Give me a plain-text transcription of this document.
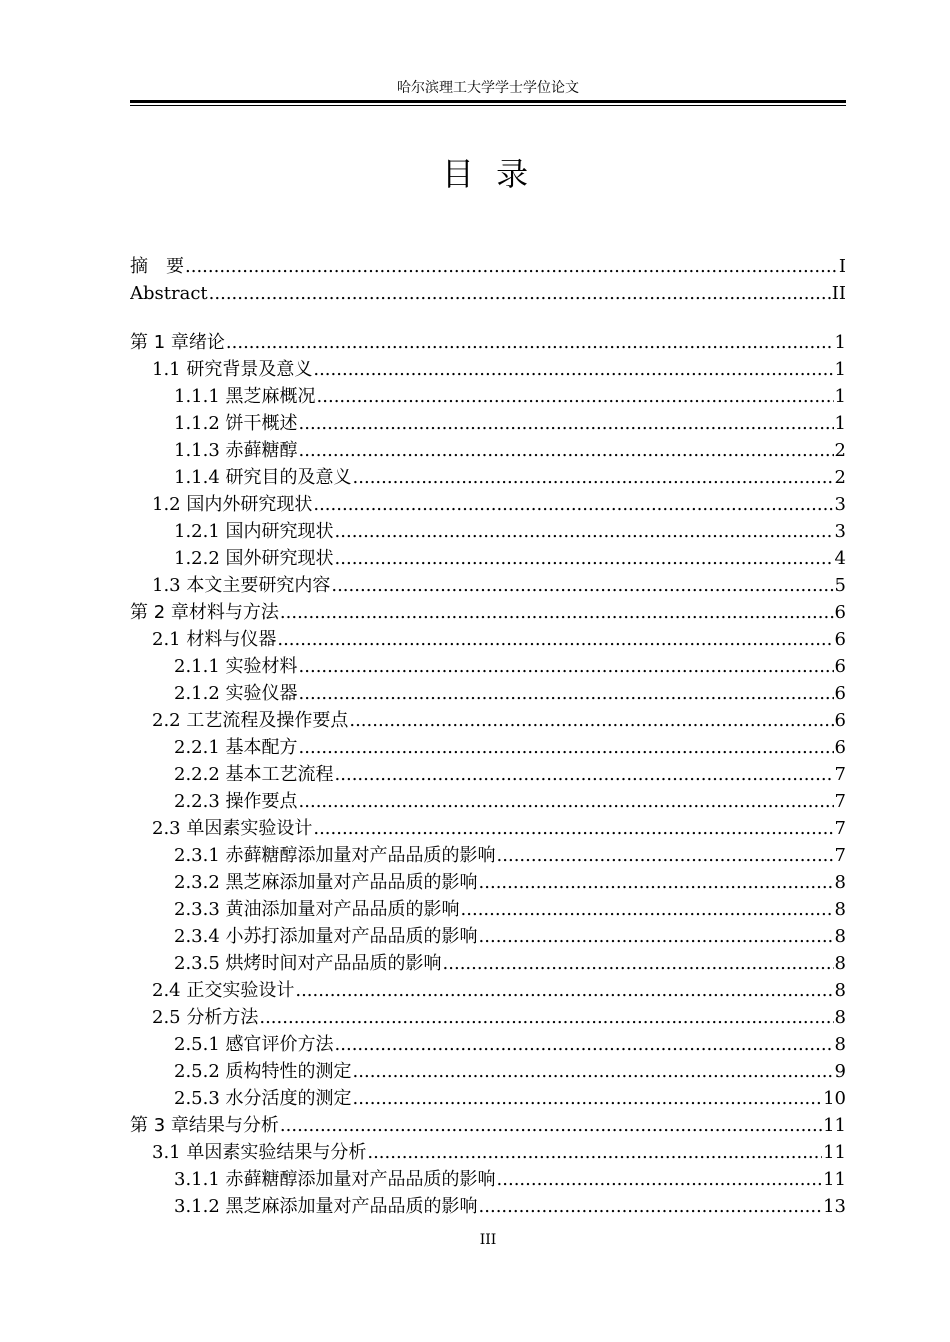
哈尔滨理工大学学士学位论文
目 录
摘　要 .....	I
Abstract .....	II
第 1 章绪论 .....	1
1.1 研究背景及意义 .....	1
1.1.1 黑芝麻概况 .....	1
1.1.2 饼干概述 .....	1
1.1.3 赤藓糖醇 .....	2
1.1.4 研究目的及意义 .....	2
1.2 国内外研究现状 .....	3
1.2.1 国内研究现状 .....	3
1.2.2 国外研究现状 .....	4
1.3 本文主要研究内容 .....	5
第 2 章材料与方法 .....	6
2.1 材料与仪器 .....	6
2.1.1 实验材料 .....	6
2.1.2 实验仪器 .....	6
2.2 工艺流程及操作要点 .....	6
2.2.1 基本配方 .....	6
2.2.2 基本工艺流程 .....	7
2.2.3 操作要点 .....	7
2.3 单因素实验设计 .....	7
2.3.1 赤藓糖醇添加量对产品品质的影响 .....	7
2.3.2 黑芝麻添加量对产品品质的影响 .....	8
2.3.3 黄油添加量对产品品质的影响 .....	8
2.3.4 小苏打添加量对产品品质的影响 .....	8
2.3.5 烘烤时间对产品品质的影响 .....	8
2.4 正交实验设计 .....	8
2.5 分析方法 .....	8
2.5.1 感官评价方法 .....	8
2.5.2 质构特性的测定 .....	9
2.5.3 水分活度的测定 .....	10
第 3 章结果与分析 .....	11
3.1 单因素实验结果与分析 .....	11
3.1.1 赤藓糖醇添加量对产品品质的影响 .....	11
3.1.2 黑芝麻添加量对产品品质的影响 .....	13
III
